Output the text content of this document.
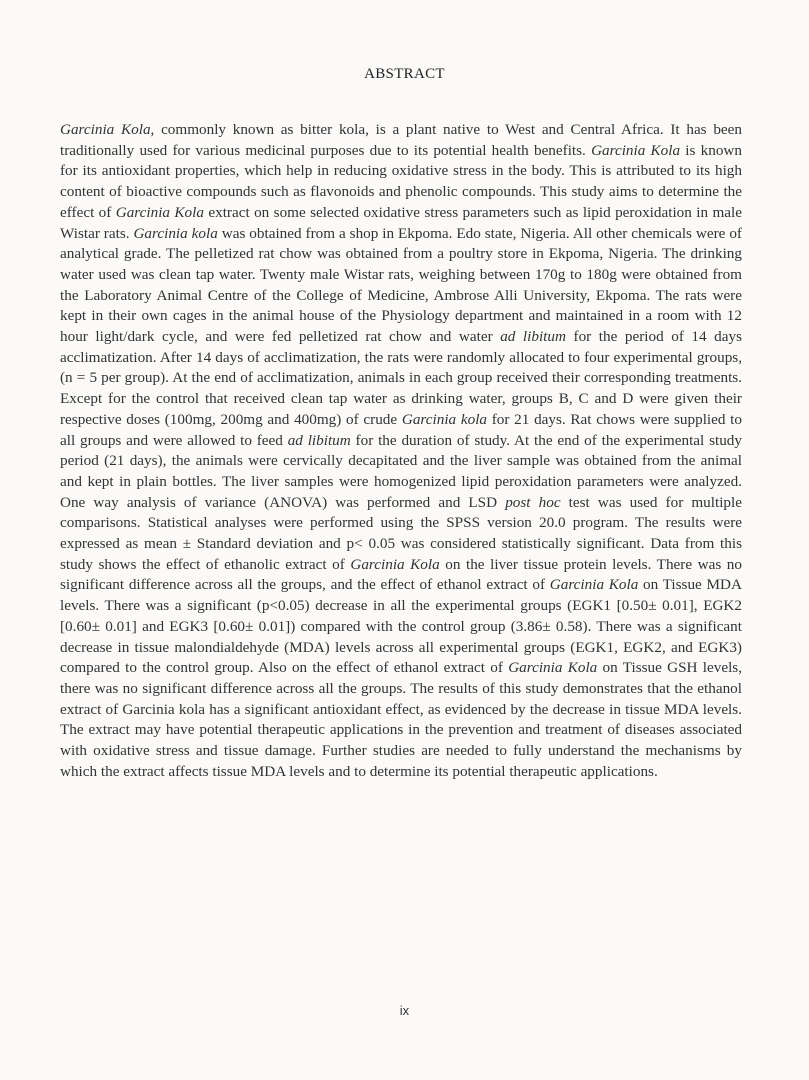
ABSTRACT

Garcinia Kola, commonly known as bitter kola, is a plant native to West and Central Africa. It has been traditionally used for various medicinal purposes due to its potential health benefits. Garcinia Kola is known for its antioxidant properties, which help in reducing oxidative stress in the body. This is attributed to its high content of bioactive compounds such as flavonoids and phenolic compounds. This study aims to determine the effect of Garcinia Kola extract on some selected oxidative stress parameters such as lipid peroxidation in male Wistar rats. Garcinia kola was obtained from a shop in Ekpoma. Edo state, Nigeria. All other chemicals were of analytical grade. The pelletized rat chow was obtained from a poultry store in Ekpoma, Nigeria. The drinking water used was clean tap water. Twenty male Wistar rats, weighing between 170g to 180g were obtained from the Laboratory Animal Centre of the College of Medicine, Ambrose Alli University, Ekpoma. The rats were kept in their own cages in the animal house of the Physiology department and maintained in a room with 12 hour light/dark cycle, and were fed pelletized rat chow and water ad libitum for the period of 14 days acclimatization. After 14 days of acclimatization, the rats were randomly allocated to four experimental groups, (n = 5 per group). At the end of acclimatization, animals in each group received their corresponding treatments. Except for the control that received clean tap water as drinking water, groups B, C and D were given their respective doses (100mg, 200mg and 400mg) of crude Garcinia kola for 21 days. Rat chows were supplied to all groups and were allowed to feed ad libitum for the duration of study. At the end of the experimental study period (21 days), the animals were cervically decapitated and the liver sample was obtained from the animal and kept in plain bottles. The liver samples were homogenized lipid peroxidation parameters were analyzed. One way analysis of variance (ANOVA) was performed and LSD post hoc test was used for multiple comparisons. Statistical analyses were performed using the SPSS version 20.0 program. The results were expressed as mean ± Standard deviation and p< 0.05 was considered statistically significant. Data from this study shows the effect of ethanolic extract of Garcinia Kola on the liver tissue protein levels. There was no significant difference across all the groups, and the effect of ethanol extract of Garcinia Kola on Tissue MDA levels. There was a significant (p<0.05) decrease in all the experimental groups (EGK1 [0.50± 0.01], EGK2 [0.60± 0.01] and EGK3 [0.60± 0.01]) compared with the control group (3.86± 0.58). There was a significant decrease in tissue malondialdehyde (MDA) levels across all experimental groups (EGK1, EGK2, and EGK3) compared to the control group. Also on the effect of ethanol extract of Garcinia Kola on Tissue GSH levels, there was no significant difference across all the groups. The results of this study demonstrates that the ethanol extract of Garcinia kola has a significant antioxidant effect, as evidenced by the decrease in tissue MDA levels. The extract may have potential therapeutic applications in the prevention and treatment of diseases associated with oxidative stress and tissue damage. Further studies are needed to fully understand the mechanisms by which the extract affects tissue MDA levels and to determine its potential therapeutic applications.

ix
